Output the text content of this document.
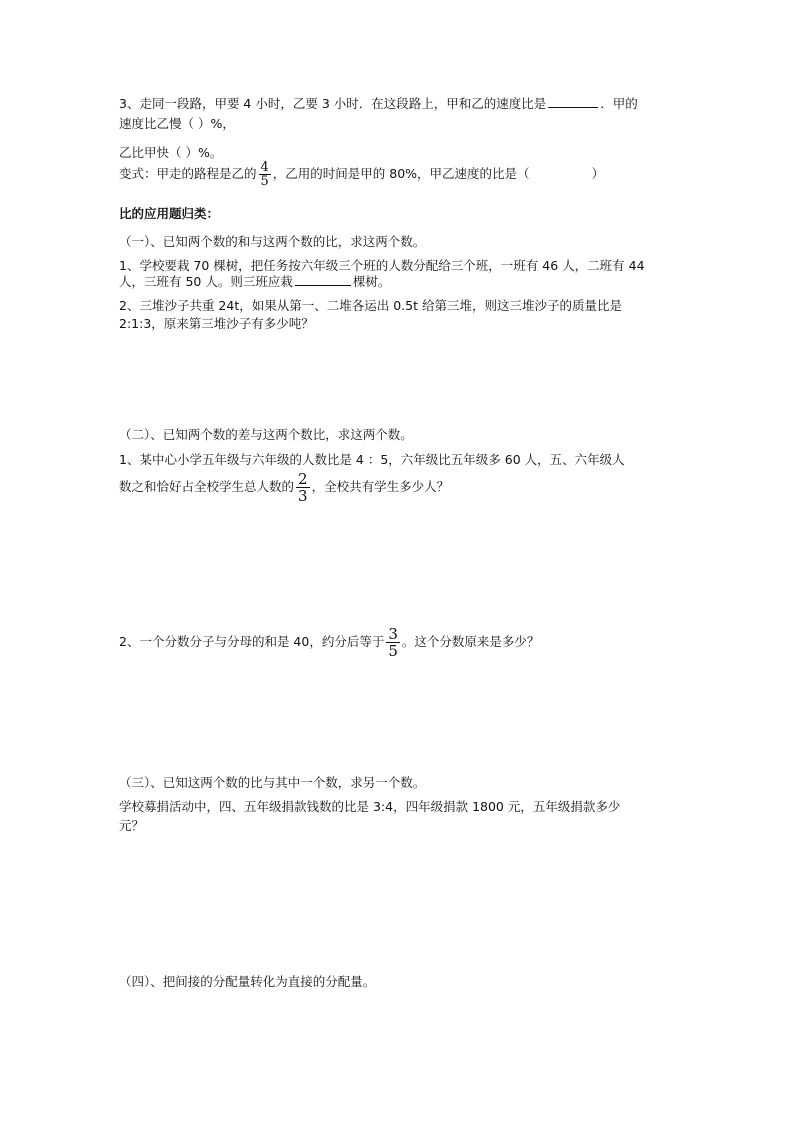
3、走同一段路，甲要 4 小时，乙要 3 小时．在这段路上，甲和乙的速度比是	．甲的
速度比乙慢（ ）%，
乙比甲快（ ）%。
变式：甲走的路程是乙的 $\frac{4}{5}$ ，乙用的时间是甲的 80%，甲乙速度的比是（	）
比的应用题归类：
（一）、已知两个数的和与这两个数的比，求这两个数。
1、学校要栽 70 棵树，把任务按六年级三个班的人数分配给三个班，一班有 46 人，二班有 44
人，三班有 50 人。则三班应栽	棵树。
2、三堆沙子共重 24t，如果从第一、二堆各运出 0.5t 给第三堆，则这三堆沙子的质量比是
2:1:3，原来第三堆沙子有多少吨？
（二）、已知两个数的差与这两个数比，求这两个数。
1、某中心小学五年级与六年级的人数比是 4 ：5，六年级比五年级多 60 人，五、六年级人
数之和恰好占全校学生总人数的 $\frac{2}{3}$ ，全校共有学生多少人？
2、一个分数分子与分母的和是 40，约分后等于 $\frac{3}{5}$ 。这个分数原来是多少？
（三）、已知这两个数的比与其中一个数，求另一个数。
学校募捐活动中，四、五年级捐款钱数的比是 3:4，四年级捐款 1800 元，五年级捐款多少
元？
（四）、把间接的分配量转化为直接的分配量。
